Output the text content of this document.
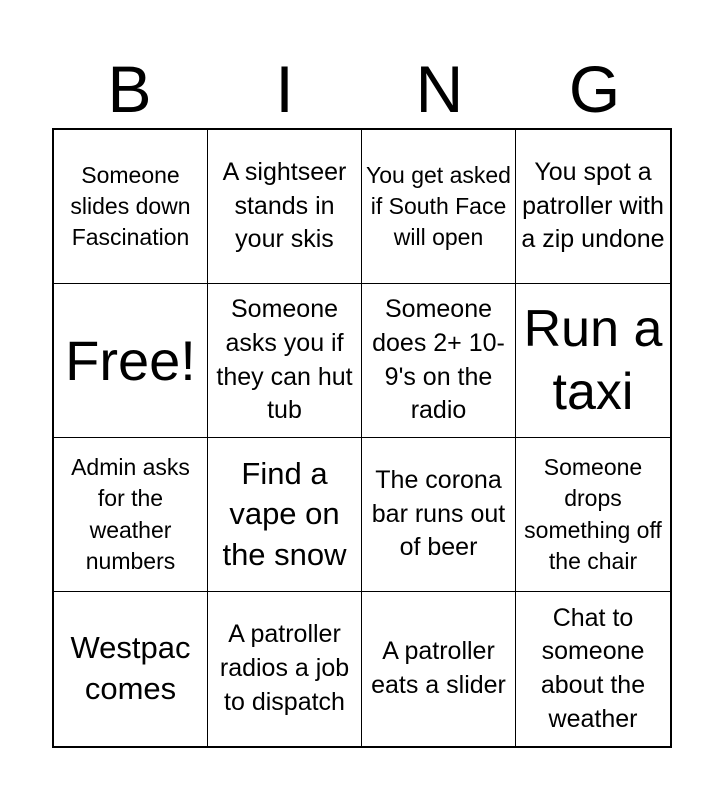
B	I	N	G
Someone slides down Fascination
A sightseer stands in your skis
You get asked if South Face will open
You spot a patroller with a zip undone
Free!
Someone asks you if they can hut tub
Someone does 2+ 10-9's on the radio
Run a taxi
Admin asks for the weather numbers
Find a vape on the snow
The corona bar runs out of beer
Someone drops something off the chair
Westpac comes
A patroller radios a job to dispatch
A patroller eats a slider
Chat to someone about the weather
